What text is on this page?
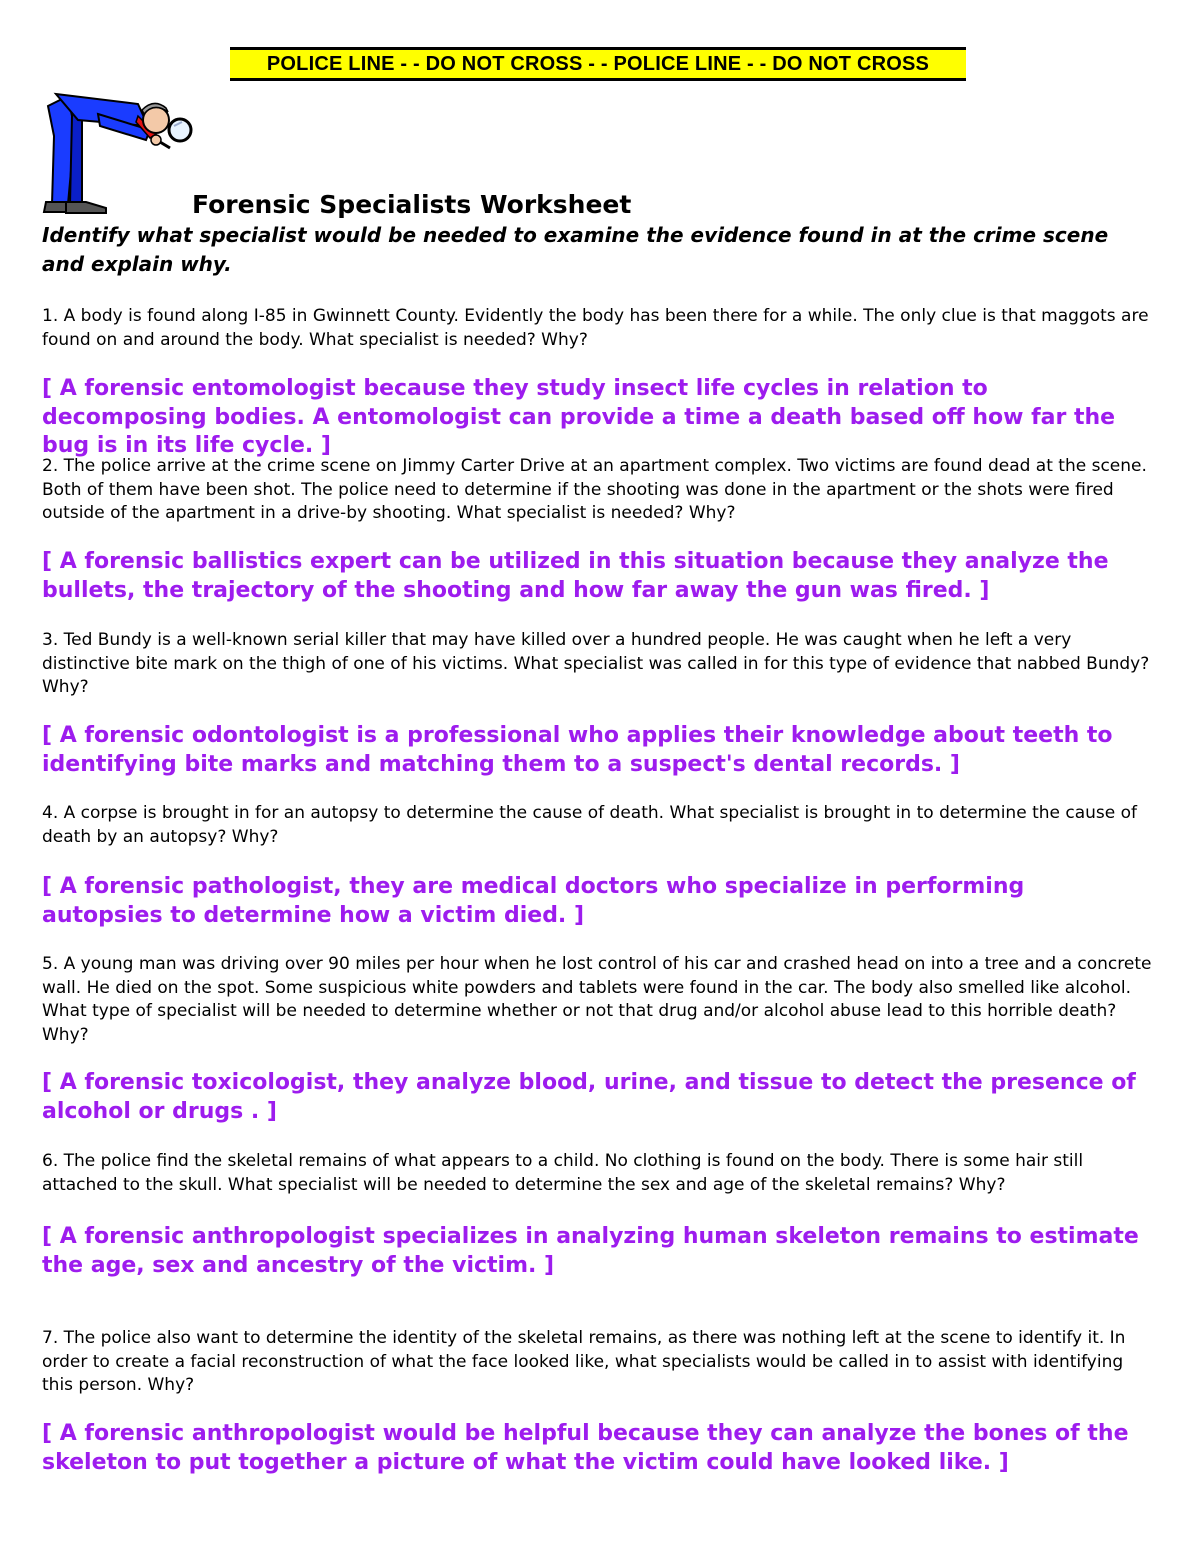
POLICE LINE - - DO NOT CROSS - - POLICE LINE - - DO NOT CROSS
Forensic Specialists Worksheet
Identify what specialist would be needed to examine the evidence found in at the crime scene and explain why.
1. A body is found along I-85 in Gwinnett County. Evidently the body has been there for a while. The only clue is that maggots are found on and around the body. What specialist is needed? Why?
[ A forensic entomologist because they study insect life cycles in relation to decomposing bodies. A entomologist can provide a time a death based off how far the bug is in its life cycle. ]
2. The police arrive at the crime scene on Jimmy Carter Drive at an apartment complex. Two victims are found dead at the scene. Both of them have been shot. The police need to determine if the shooting was done in the apartment or the shots were fired outside of the apartment in a drive-by shooting. What specialist is needed? Why?
[ A forensic ballistics expert can be utilized in this situation because they analyze the bullets, the trajectory of the shooting and how far away the gun was fired. ]
3. Ted Bundy is a well-known serial killer that may have killed over a hundred people. He was caught when he left a very distinctive bite mark on the thigh of one of his victims. What specialist was called in for this type of evidence that nabbed Bundy? Why?
[ A forensic odontologist is a professional who applies their knowledge about teeth to identifying bite marks and matching them to a suspect's dental records. ]
4. A corpse is brought in for an autopsy to determine the cause of death. What specialist is brought in to determine the cause of death by an autopsy? Why?
[ A forensic pathologist, they are medical doctors who specialize in performing autopsies to determine how a victim died. ]
5. A young man was driving over 90 miles per hour when he lost control of his car and crashed head on into a tree and a concrete wall. He died on the spot. Some suspicious white powders and tablets were found in the car. The body also smelled like alcohol. What type of specialist will be needed to determine whether or not that drug and/or alcohol abuse lead to this horrible death? Why?
[ A forensic toxicologist, they analyze blood, urine, and tissue to detect the presence of alcohol or drugs . ]
6. The police find the skeletal remains of what appears to a child. No clothing is found on the body. There is some hair still attached to the skull. What specialist will be needed to determine the sex and age of the skeletal remains? Why?
[ A forensic anthropologist specializes in analyzing human skeleton remains to estimate the age, sex and ancestry of the victim. ]
7. The police also want to determine the identity of the skeletal remains, as there was nothing left at the scene to identify it. In order to create a facial reconstruction of what the face looked like, what specialists would be called in to assist with identifying this person. Why?
[ A forensic anthropologist would be helpful because they can analyze the bones of the skeleton to put together a picture of what the victim could have looked like. ]
